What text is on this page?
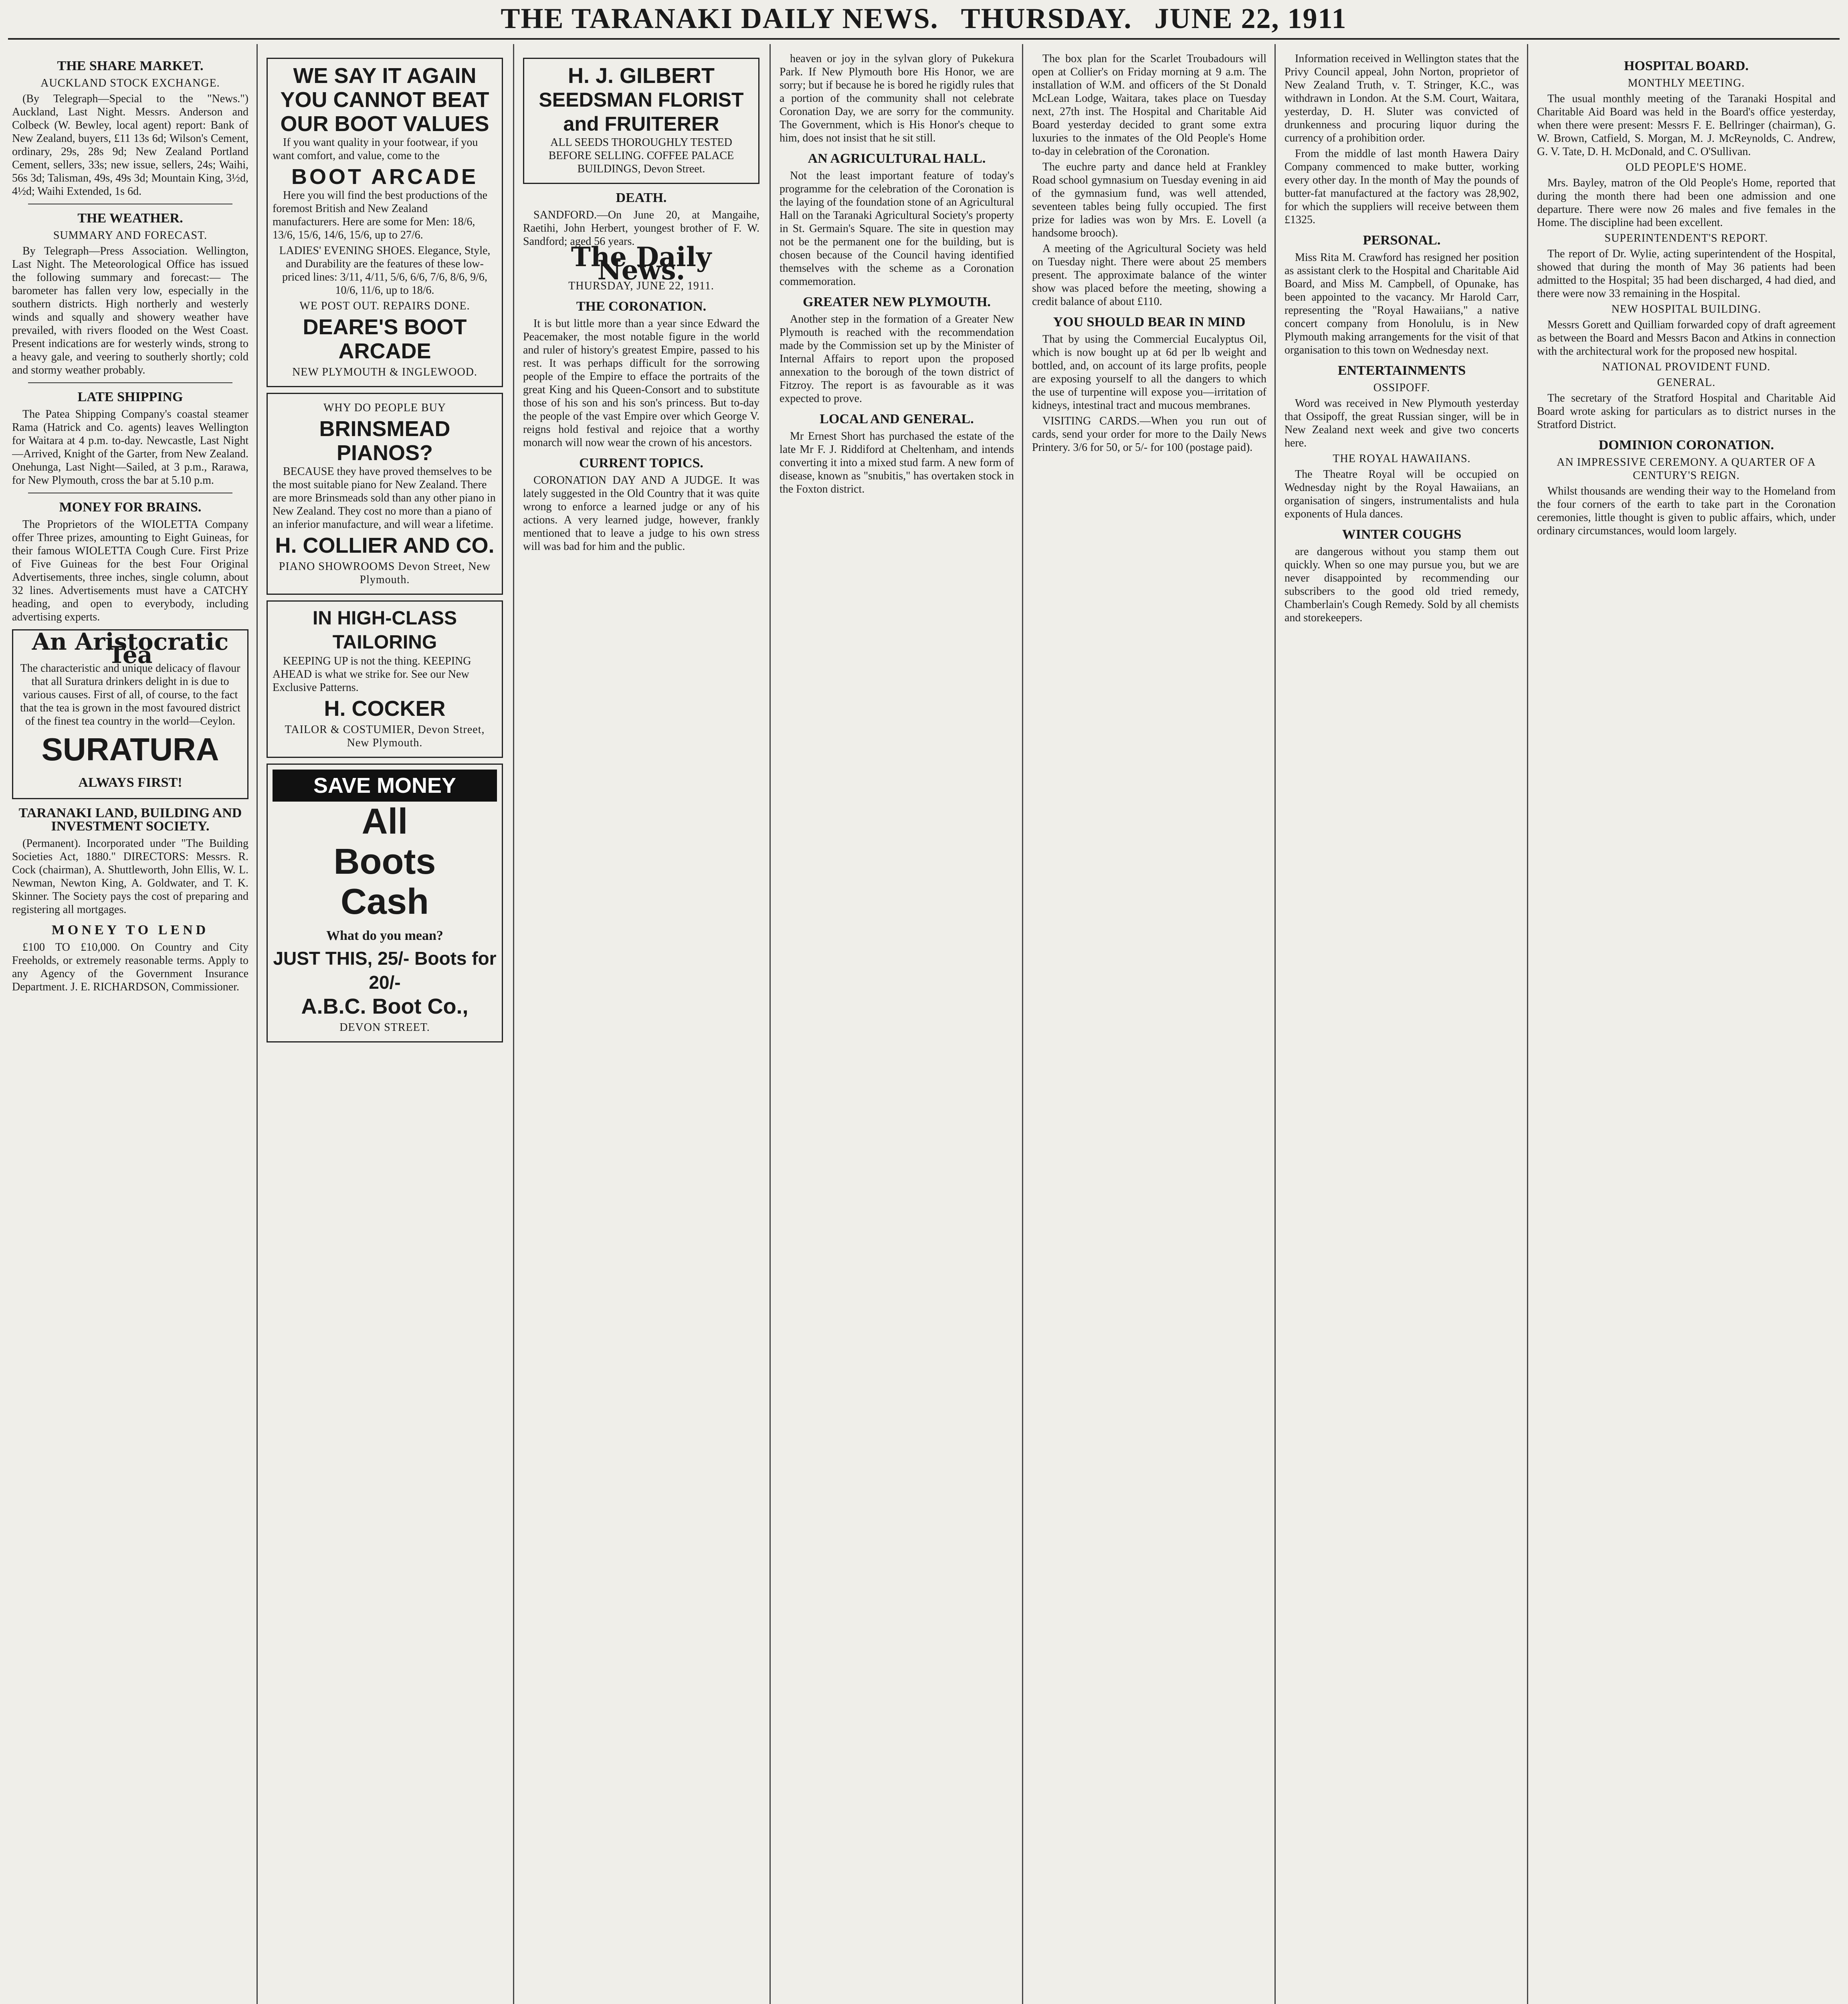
THE TARANAKI DAILY NEWS. THURSDAY. JUNE 22, 1911
THE SHARE MARKET.
AUCKLAND STOCK EXCHANGE.

(By Telegraph—Special to the "News.") Auckland, Last Night. Messrs. Anderson and Colbeck (W. Bewley, local agent) report: Bank of New Zealand, buyers, £11 13s 6d; Wilson's Cement, ordinary, 29s, 28s 9d; New Zealand Portland Cement, sellers, 33s; new issue, sellers, 24s; Waihi, 56s 3d; Talisman, 49s, 49s 3d; Mountain King, 3½d, 4½d; Waihi Extended, 1s 6d.

THE WEATHER.
SUMMARY AND FORECAST.

By Telegraph—Press Association. Wellington, Last Night. The Meteorological Office has issued the following summary and forecast:— The barometer has fallen very low, especially in the southern districts. High northerly and westerly winds and squally and showery weather have prevailed, with rivers flooded on the West Coast. Present indications are for westerly winds, strong to a heavy gale, and veering to southerly shortly; cold and stormy weather probably.

LATE SHIPPING

The Patea Shipping Company's coastal steamer Rama (Hatrick and Co. agents) leaves Wellington for Waitara at 4 p.m. to-day. Newcastle, Last Night—Arrived, Knight of the Garter, from New Zealand. Onehunga, Last Night—Sailed, at 3 p.m., Rarawa, for New Plymouth, cross the bar at 5.10 p.m.

MONEY FOR BRAINS.

The Proprietors of the WIOLETTA Company offer Three prizes, amounting to Eight Guineas, for their famous WIOLETTA Cough Cure. First Prize of Five Guineas for the best Four Original Advertisements, three inches, single column, about 32 lines. Advertisements must have a CATCHY heading, and open to everybody, including advertising experts.

An Aristocratic Tea

The characteristic and unique delicacy of flavour that all Suratura drinkers delight in is due to various causes. First of all, of course, to the fact that the tea is grown in the most favoured district of the finest tea country in the world—Ceylon.

SURATURA
ALWAYS FIRST!
TARANAKI LAND, BUILDING AND INVESTMENT SOCIETY.

(Permanent). Incorporated under "The Building Societies Act, 1880." DIRECTORS: Messrs. R. Cock (chairman), A. Shuttleworth, John Ellis, W. L. Newman, Newton King, A. Goldwater, and T. K. Skinner. The Society pays the cost of preparing and registering all mortgages.

MONEY TO LEND

£100 TO £10,000. On Country and City Freeholds, or extremely reasonable terms. Apply to any Agency of the Government Insurance Department. J. E. RICHARDSON, Commissioner.

WE SAY IT AGAIN
YOU CANNOT BEAT
OUR BOOT VALUES

If you want quality in your footwear, if you want comfort, and value, come to the

BOOT ARCADE

Here you will find the best productions of the foremost British and New Zealand manufacturers. Here are some for Men: 18/6, 13/6, 15/6, 14/6, 15/6, up to 27/6.

LADIES' EVENING SHOES. Elegance, Style, and Durability are the features of these low-priced lines: 3/11, 4/11, 5/6, 6/6, 7/6, 8/6, 9/6, 10/6, 11/6, up to 18/6.

WE POST OUT. REPAIRS DONE.
DEARE'S BOOT ARCADE
NEW PLYMOUTH & INGLEWOOD.
WHY DO PEOPLE BUY
BRINSMEAD PIANOS?

BECAUSE they have proved themselves to be the most suitable piano for New Zealand. There are more Brinsmeads sold than any other piano in New Zealand. They cost no more than a piano of an inferior manufacture, and will wear a lifetime.

H. COLLIER AND CO.
PIANO SHOWROOMS Devon Street, New Plymouth.
IN HIGH-CLASS TAILORING

KEEPING UP is not the thing. KEEPING AHEAD is what we strike for. See our New Exclusive Patterns.

H. COCKER
TAILOR & COSTUMIER, Devon Street, New Plymouth.
SAVE MONEY
All
Boots
Cash
What do you mean?
JUST THIS, 25/- Boots for 20/-
A.B.C. Boot Co.,
DEVON STREET.
H. J. GILBERT
SEEDSMAN FLORIST and FRUITERER

ALL SEEDS THOROUGHLY TESTED BEFORE SELLING. COFFEE PALACE BUILDINGS, Devon Street.

DEATH.

SANDFORD.—On June 20, at Mangaihe, Raetihi, John Herbert, youngest brother of F. W. Sandford; aged 56 years.

The Daily News.
THURSDAY, JUNE 22, 1911.
THE CORONATION.

It is but little more than a year since Edward the Peacemaker, the most notable figure in the world and ruler of history's greatest Empire, passed to his rest. It was perhaps difficult for the sorrowing people of the Empire to efface the portraits of the great King and his Queen-Consort and to substitute those of his son and his son's princess. But to-day the people of the vast Empire over which George V. reigns hold festival and rejoice that a worthy monarch will now wear the crown of his ancestors.

CURRENT TOPICS.

CORONATION DAY AND A JUDGE. It was lately suggested in the Old Country that it was quite wrong to enforce a learned judge or any of his actions. A very learned judge, however, frankly mentioned that to leave a judge to his own stress will was bad for him and the public.

heaven or joy in the sylvan glory of Pukekura Park. If New Plymouth bore His Honor, we are sorry; but if because he is bored he rigidly rules that a portion of the community shall not celebrate Coronation Day, we are sorry for the community. The Government, which is His Honor's cheque to him, does not insist that he sit still.

AN AGRICULTURAL HALL.

Not the least important feature of today's programme for the celebration of the Coronation is the laying of the foundation stone of an Agricultural Hall on the Taranaki Agricultural Society's property in St. Germain's Square. The site in question may not be the permanent one for the building, but is chosen because of the Council having identified themselves with the scheme as a Coronation commemoration.

GREATER NEW PLYMOUTH.

Another step in the formation of a Greater New Plymouth is reached with the recommendation made by the Commission set up by the Minister of Internal Affairs to report upon the proposed annexation to the borough of the town district of Fitzroy. The report is as favourable as it was expected to prove.

LOCAL AND GENERAL.

Mr Ernest Short has purchased the estate of the late Mr F. J. Riddiford at Cheltenham, and intends converting it into a mixed stud farm. A new form of disease, known as "snubitis," has overtaken stock in the Foxton district.

The box plan for the Scarlet Troubadours will open at Collier's on Friday morning at 9 a.m. The installation of W.M. and officers of the St Donald McLean Lodge, Waitara, takes place on Tuesday next, 27th inst. The Hospital and Charitable Aid Board yesterday decided to grant some extra luxuries to the inmates of the Old People's Home to-day in celebration of the Coronation.

The euchre party and dance held at Frankley Road school gymnasium on Tuesday evening in aid of the gymnasium fund, was well attended, seventeen tables being fully occupied. The first prize for ladies was won by Mrs. E. Lovell (a handsome brooch).

A meeting of the Agricultural Society was held on Tuesday night. There were about 25 members present. The approximate balance of the winter show was placed before the meeting, showing a credit balance of about £110.

YOU SHOULD BEAR IN MIND

That by using the Commercial Eucalyptus Oil, which is now bought up at 6d per lb weight and bottled, and, on account of its large profits, people are exposing yourself to all the dangers to which the use of turpentine will expose you—irritation of kidneys, intestinal tract and mucous membranes.

VISITING CARDS.—When you run out of cards, send your order for more to the Daily News Printery. 3/6 for 50, or 5/- for 100 (postage paid).

Information received in Wellington states that the Privy Council appeal, John Norton, proprietor of New Zealand Truth, v. T. Stringer, K.C., was withdrawn in London. At the S.M. Court, Waitara, yesterday, D. H. Sluter was convicted of drunkenness and procuring liquor during the currency of a prohibition order.

From the middle of last month Hawera Dairy Company commenced to make butter, working every other day. In the month of May the pounds of butter-fat manufactured at the factory was 28,902, for which the suppliers will receive between them £1325.

PERSONAL.

Miss Rita M. Crawford has resigned her position as assistant clerk to the Hospital and Charitable Aid Board, and Miss M. Campbell, of Opunake, has been appointed to the vacancy. Mr Harold Carr, representing the "Royal Hawaiians," a native concert company from Honolulu, is in New Plymouth making arrangements for the visit of that organisation to this town on Wednesday next.

ENTERTAINMENTS
OSSIPOFF.

Word was received in New Plymouth yesterday that Ossipoff, the great Russian singer, will be in New Zealand next week and give two concerts here.

THE ROYAL HAWAIIANS.

The Theatre Royal will be occupied on Wednesday night by the Royal Hawaiians, an organisation of singers, instrumentalists and hula exponents of Hula dances.

WINTER COUGHS

are dangerous without you stamp them out quickly. When so one may pursue you, but we are never disappointed by recommending our subscribers to the good old tried remedy, Chamberlain's Cough Remedy. Sold by all chemists and storekeepers.

HOSPITAL BOARD.
MONTHLY MEETING.

The usual monthly meeting of the Taranaki Hospital and Charitable Aid Board was held in the Board's office yesterday, when there were present: Messrs F. E. Bellringer (chairman), G. W. Brown, Catfield, S. Morgan, M. J. McReynolds, C. Andrew, G. V. Tate, D. H. McDonald, and C. O'Sullivan.

OLD PEOPLE'S HOME.

Mrs. Bayley, matron of the Old People's Home, reported that during the month there had been one admission and one departure. There were now 26 males and five females in the Home. The discipline had been excellent.

SUPERINTENDENT'S REPORT.

The report of Dr. Wylie, acting superintendent of the Hospital, showed that during the month of May 36 patients had been admitted to the Hospital; 35 had been discharged, 4 had died, and there were now 33 remaining in the Hospital.

NEW HOSPITAL BUILDING.

Messrs Gorett and Quilliam forwarded copy of draft agreement as between the Board and Messrs Bacon and Atkins in connection with the architectural work for the proposed new hospital.

NATIONAL PROVIDENT FUND.
GENERAL.

The secretary of the Stratford Hospital and Charitable Aid Board wrote asking for particulars as to district nurses in the Stratford District.

DOMINION CORONATION.
AN IMPRESSIVE CEREMONY. A QUARTER OF A CENTURY'S REIGN.

Whilst thousands are wending their way to the Homeland from the four corners of the earth to take part in the Coronation ceremonies, little thought is given to public affairs, which, under ordinary circumstances, would loom largely.
